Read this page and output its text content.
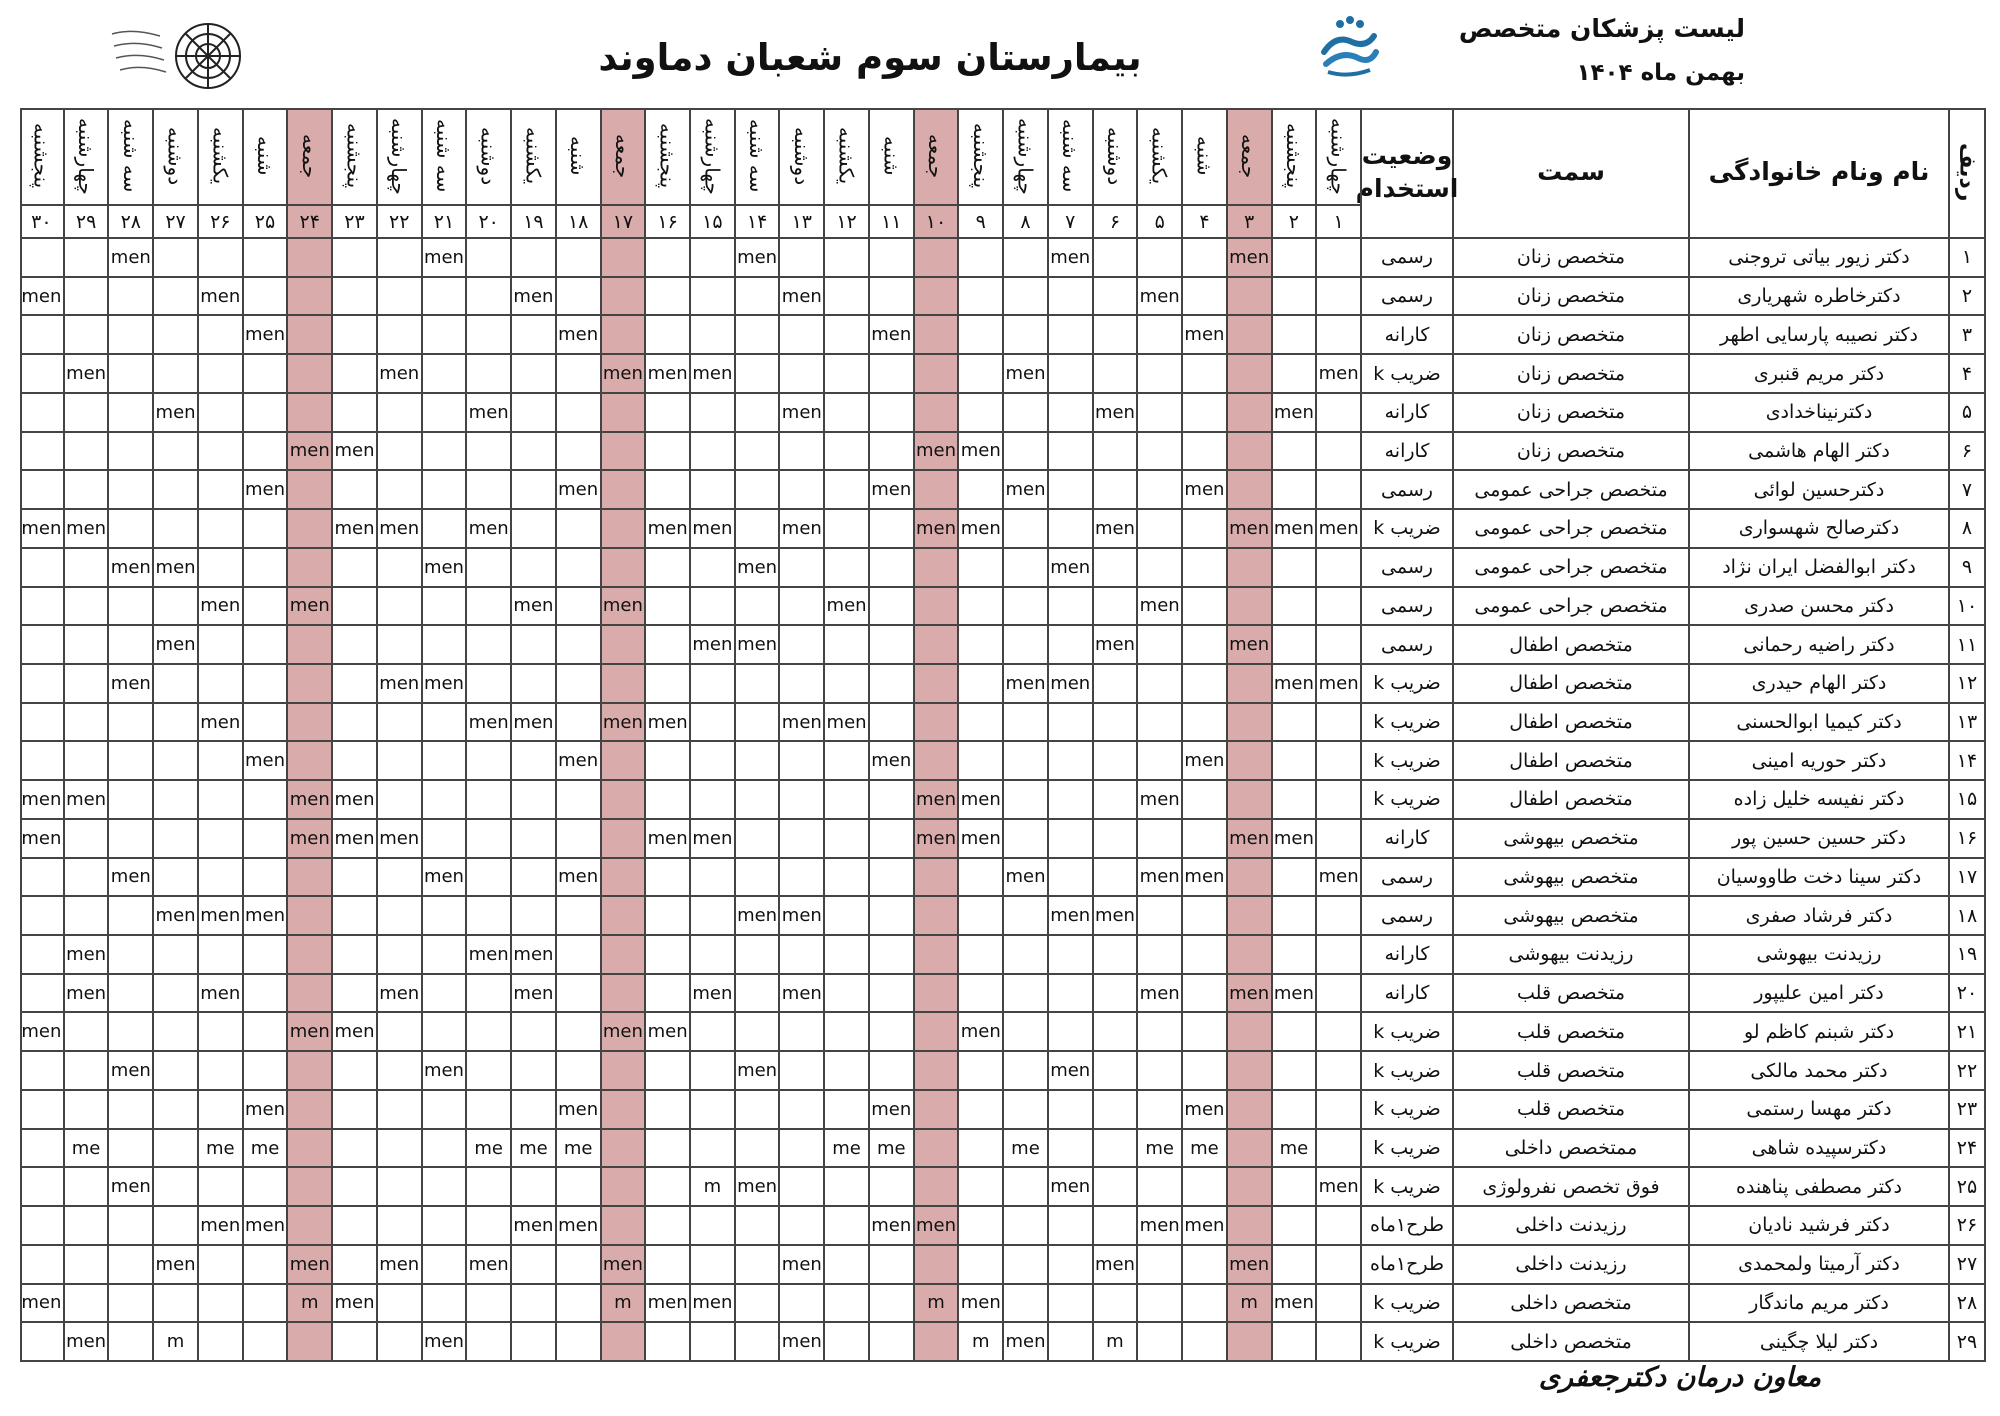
لیست پزشکان متخصص
بهمن ماه ۱۴۰۴
بیمارستان سوم شعبان دماوند
ردیف
نام ونام خانوادگی
سمت
وضعیت استخدام
چهارشنبه
۱
پنجشنبه
۲
جمعه
۳
شنبه
۴
یکشنبه
۵
دوشنبه
۶
سه شنبه
۷
چهارشنبه
۸
پنجشنبه
۹
جمعه
۱۰
شنبه
۱۱
یکشنبه
۱۲
دوشنبه
۱۳
سه شنبه
۱۴
چهارشنبه
۱۵
پنجشنبه
۱۶
جمعه
۱۷
شنبه
۱۸
یکشنبه
۱۹
دوشنبه
۲۰
سه شنبه
۲۱
چهارشنبه
۲۲
پنجشنبه
۲۳
جمعه
۲۴
شنبه
۲۵
یکشنبه
۲۶
دوشنبه
۲۷
سه شنبه
۲۸
چهارشنبه
۲۹
پنجشنبه
۳۰
۱
دکتر زیور بیاتی تروجنی
متخصص زنان
رسمی
men
men
men
men
men
۲
دکترخاطره شهریاری
متخصص زنان
رسمی
men
men
men
men
men
۳
دکتر نصیبه پارسایی اطهر
متخصص زنان
کارانه
men
men
men
men
۴
دکتر مریم قنبری
متخصص زنان
ضریب k
men
men
men
men
men
men
men
۵
دکترنیناخدادی
متخصص زنان
کارانه
men
men
men
men
men
۶
دکتر الهام هاشمی
متخصص زنان
کارانه
men
men
men
men
۷
دکترحسین لوائی
متخصص جراحی عمومی
رسمی
men
men
men
men
men
۸
دکترصالح شهسواری
متخصص جراحی عمومی
ضریب k
men
men
men
men
men
men
men
men
men
men
men
men
men
men
۹
دکتر ابوالفضل ایران نژاد
متخصص جراحی عمومی
رسمی
men
men
men
men
men
۱۰
دکتر محسن صدری
متخصص جراحی عمومی
رسمی
men
men
men
men
men
men
۱۱
دکتر راضیه رحمانی
متخصص اطفال
رسمی
men
men
men
men
men
۱۲
دکتر الهام حیدری
متخصص اطفال
ضریب k
men
men
men
men
men
men
men
۱۳
دکتر کیمیا ابوالحسنی
متخصص اطفال
ضریب k
men
men
men
men
men
men
men
۱۴
دکتر حوریه امینی
متخصص اطفال
ضریب k
men
men
men
men
۱۵
دکتر نفیسه خلیل زاده
متخصص اطفال
ضریب k
men
men
men
men
men
men
men
۱۶
دکتر حسین حسین پور
متخصص بیهوشی
کارانه
men
men
men
men
men
men
men
men
men
men
۱۷
دکتر سینا دخت طاووسیان
متخصص بیهوشی
رسمی
men
men
men
men
men
men
men
۱۸
دکتر فرشاد صفری
متخصص بیهوشی
رسمی
men
men
men
men
men
men
men
۱۹
رزیدنت بیهوشی
رزیدنت بیهوشی
کارانه
men
men
men
۲۰
دکتر امین علیپور
متخصص قلب
کارانه
men
men
men
men
men
men
men
men
men
۲۱
دکتر شبنم کاظم لو
متخصص قلب
ضریب k
men
men
men
men
men
men
۲۲
دکتر محمد مالکی
متخصص قلب
ضریب k
men
men
men
men
۲۳
دکتر مهسا رستمی
متخصص قلب
ضریب k
men
men
men
men
۲۴
دکترسپیده شاهی
ممتخصص داخلی
ضریب k
me
me
me
me
me
me
me
me
me
me
me
me
۲۵
دکتر مصطفی پناهنده
فوق تخصص نفرولوژی
ضریب k
men
men
men
m
men
۲۶
دکتر فرشید نادیان
رزیدنت داخلی
طرح۱ماه
men
men
men
men
men
men
men
men
۲۷
دکتر آرمیتا ولمحمدی
رزیدنت داخلی
طرح۱ماه
men
men
men
men
men
men
men
men
۲۸
دکتر مریم ماندگار
متخصص داخلی
ضریب k
men
m
men
m
men
men
m
men
m
men
۲۹
دکتر لیلا چگینی
متخصص داخلی
ضریب k
m
men
m
men
men
m
men
معاون درمان دکترجعفری
